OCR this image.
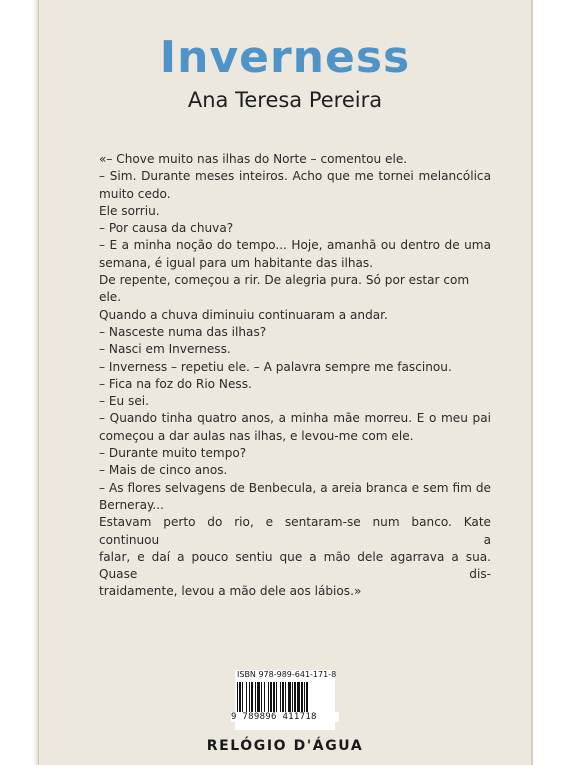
Inverness
Ana Teresa Pereira
«– Chove muito nas ilhas do Norte – comentou ele.
– Sim. Durante meses inteiros. Acho que me tornei melancólica
muito cedo.
Ele sorriu.
– Por causa da chuva?
– E a minha noção do tempo... Hoje, amanhã ou dentro de uma
semana, é igual para um habitante das ilhas.
De repente, começou a rir. De alegria pura. Só por estar com ele.
Quando a chuva diminuiu continuaram a andar.
– Nasceste numa das ilhas?
– Nasci em Inverness.
– Inverness – repetiu ele. – A palavra sempre me fascinou.
– Fica na foz do Rio Ness.
– Eu sei.
– Quando tinha quatro anos, a minha mãe morreu. E o meu pai
começou a dar aulas nas ilhas, e levou-me com ele.
– Durante muito tempo?
– Mais de cinco anos.
– As flores selvagens de Benbecula, a areia branca e sem fim de
Berneray...
Estavam perto do rio, e sentaram-se num banco. Kate continuou a
falar, e daí a pouco sentiu que a mão dele agarrava a sua. Quase dis-
traidamente, levou a mão dele aos lábios.»
ISBN 978-989-641-171-8
9 789896 411718
RELÓGIO D'ÁGUA
